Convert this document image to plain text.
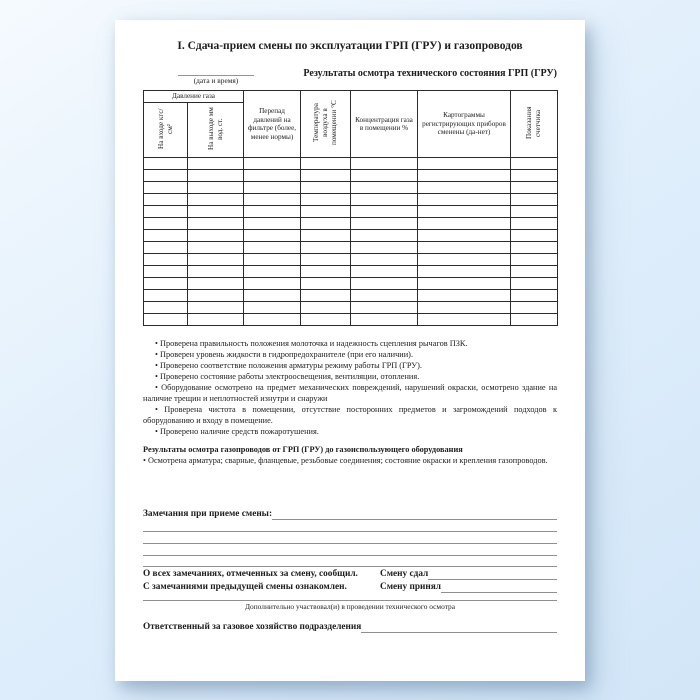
I. Сдача-прием смены по эксплуатации ГРП (ГРУ) и газопроводов
(дата и время)
Результаты осмотра технического состояния ГРП (ГРУ)
Давление газа		Перепад давлений на фильтре (более, менее нормы)	Температура воздуха в помещении °С	Концентрация газа в помещении %	Картограммы регистрирующих приборов сменены (да-нет)	Показания счетчика
На входе кгс/см²	На выходе мм вод. ст.					

• Проверена правильность положения молоточка и надежность сцепления рычагов ПЗК.

• Проверен уровень жидкости в гидропредохранителе (при его наличии).

• Проверено соответствие положения арматуры режиму работы ГРП (ГРУ).

• Проверено состояние работы электроосвещения, вентиляции, отопления.

• Оборудование осмотрено на предмет механических повреждений, нарушений окраски, осмотрено здание на наличие трещин и неплотностей изнутри и снаружи

• Проверена чистота в помещении, отсутствие посторонних предметов и загромождений подходов к оборудованию и входу в помещение.

• Проверено наличие средств пожаротушения.

Результаты осмотра газопроводов от ГРП (ГРУ) до газоиспользующего оборудования

• Осмотрена арматура; сварные, фланцевые, резьбовые соединения; состояние окраски и крепления газопроводов.

Замечания при приеме смены:
О всех замечаниях, отмеченных за смену, сообщил.	Смену сдал
С замечаниями предыдущей смены ознакомлен.	Смену принял
Дополнительно участвовал(и) в проведении технического осмотра
Ответственный за газовое хозяйство подразделения
